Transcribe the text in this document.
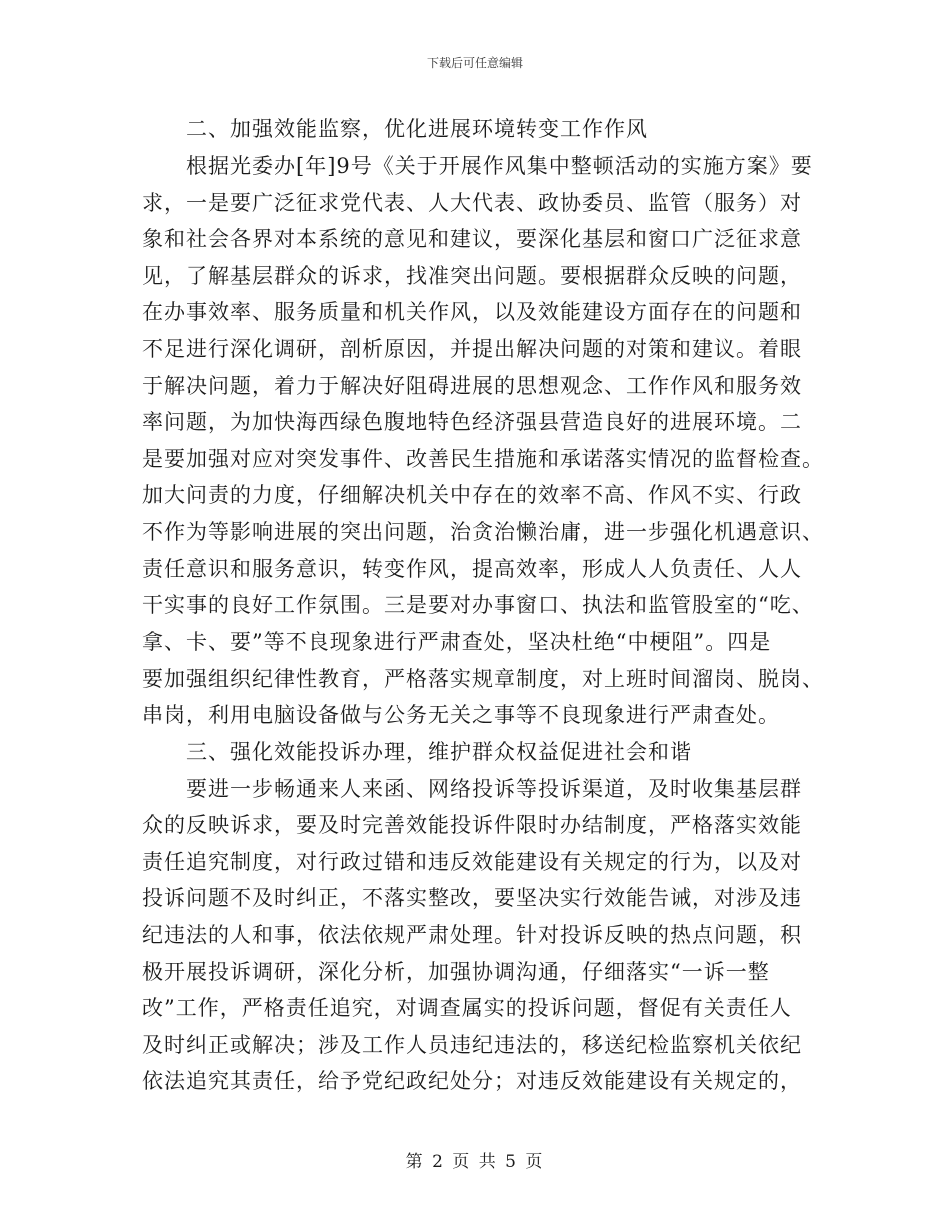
下载后可任意编辑
二、加强效能监察，优化进展环境转变工作作风
根据光委办[年]9号《关于开展作风集中整顿活动的实施方案》要
求，一是要广泛征求党代表、人大代表、政协委员、监管（服务）对
象和社会各界对本系统的意见和建议，要深化基层和窗口广泛征求意
见，了解基层群众的诉求，找准突出问题。要根据群众反映的问题，
在办事效率、服务质量和机关作风，以及效能建设方面存在的问题和
不足进行深化调研，剖析原因，并提出解决问题的对策和建议。着眼
于解决问题，着力于解决好阻碍进展的思想观念、工作作风和服务效
率问题，为加快海西绿色腹地特色经济强县营造良好的进展环境。二
是要加强对应对突发事件、改善民生措施和承诺落实情况的监督检查。
加大问责的力度，仔细解决机关中存在的效率不高、作风不实、行政
不作为等影响进展的突出问题，治贪治懒治庸，进一步强化机遇意识、
责任意识和服务意识，转变作风，提高效率，形成人人负责任、人人
干实事的良好工作氛围。三是要对办事窗口、执法和监管股室的“吃、
拿、卡、要”等不良现象进行严肃查处，坚决杜绝“中梗阻”。四是
要加强组织纪律性教育，严格落实规章制度，对上班时间溜岗、脱岗、
串岗，利用电脑设备做与公务无关之事等不良现象进行严肃查处。
三、强化效能投诉办理，维护群众权益促进社会和谐
要进一步畅通来人来函、网络投诉等投诉渠道，及时收集基层群
众的反映诉求，要及时完善效能投诉件限时办结制度，严格落实效能
责任追究制度，对行政过错和违反效能建设有关规定的行为，以及对
投诉问题不及时纠正，不落实整改，要坚决实行效能告诫，对涉及违
纪违法的人和事，依法依规严肃处理。针对投诉反映的热点问题，积
极开展投诉调研，深化分析，加强协调沟通，仔细落实“一诉一整
改”工作，严格责任追究，对调查属实的投诉问题，督促有关责任人
及时纠正或解决；涉及工作人员违纪违法的，移送纪检监察机关依纪
依法追究其责任，给予党纪政纪处分；对违反效能建设有关规定的，
第 2 页 共 5 页
